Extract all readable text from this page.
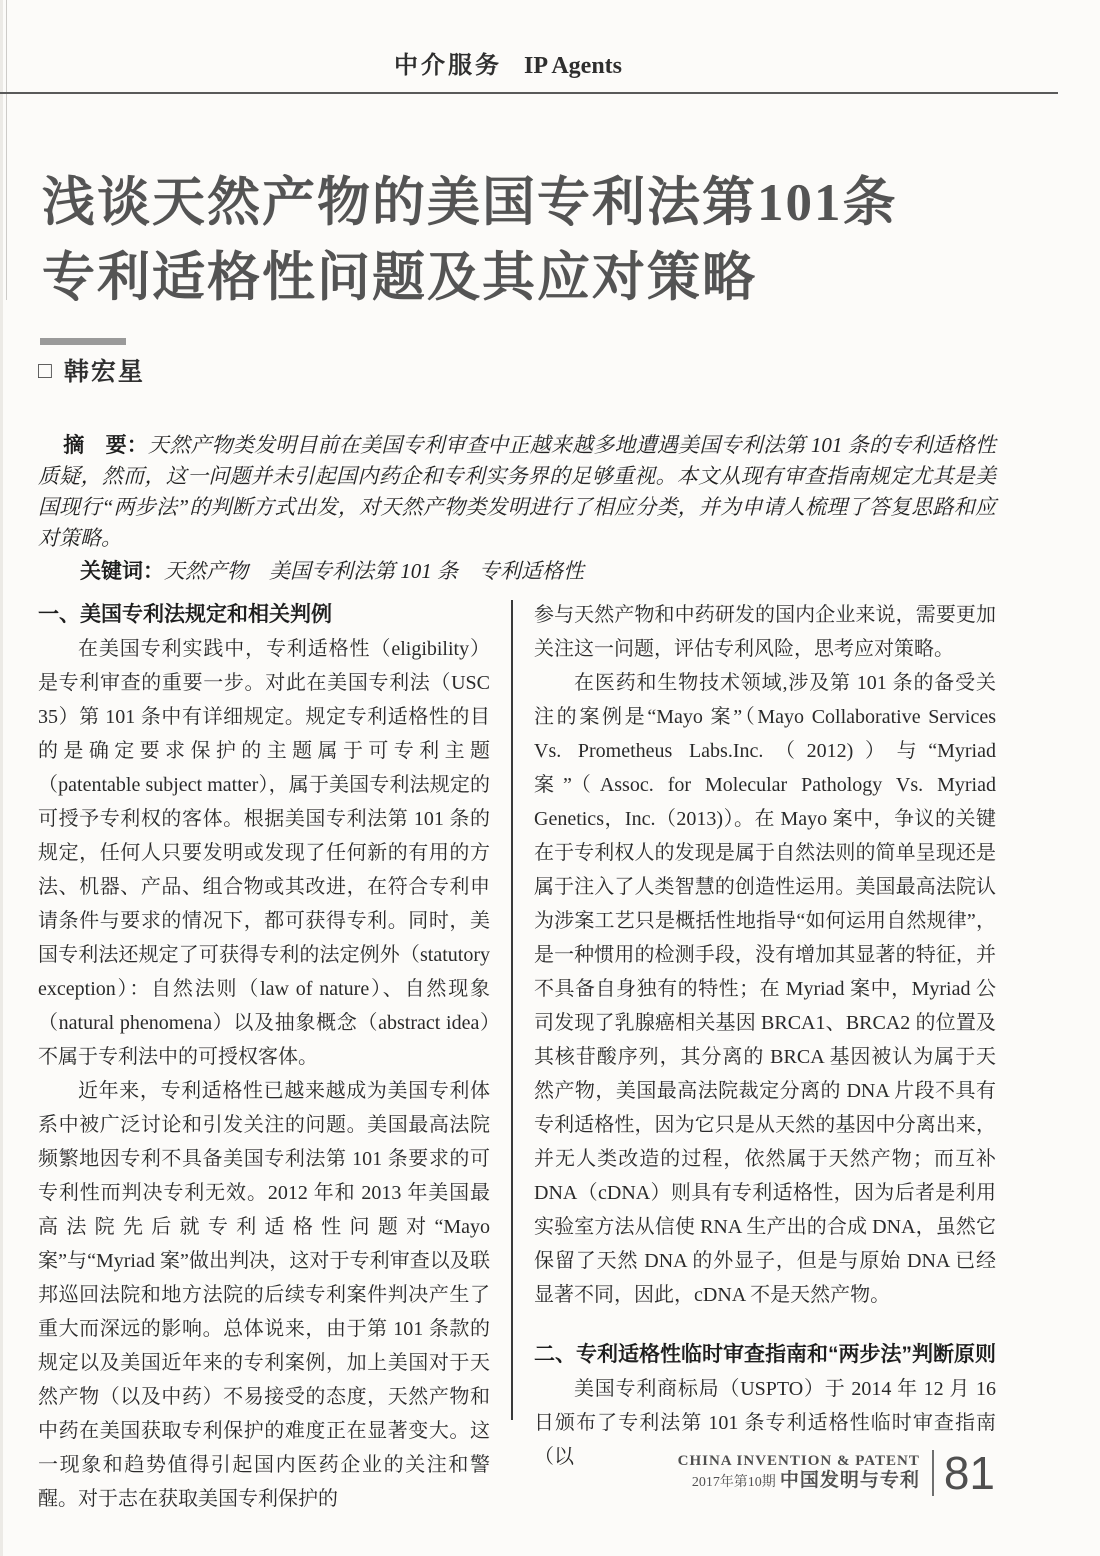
中介服务 IP Agents
浅谈天然产物的美国专利法第101条
专利适格性问题及其应对策略
□ 韩宏星

摘　要：天然产物类发明目前在美国专利审查中正越来越多地遭遇美国专利法第 101 条的专利适格性质疑，然而，这一问题并未引起国内药企和专利实务界的足够重视。本文从现有审查指南规定尤其是美国现行“两步法”的判断方式出发，对天然产物类发明进行了相应分类，并为申请人梳理了答复思路和应对策略。

关键词：天然产物　美国专利法第 101 条　专利适格性

一、美国专利法规定和相关判例

在美国专利实践中，专利适格性（eligibility）是专利审查的重要一步。对此在美国专利法（USC 35）第 101 条中有详细规定。规定专利适格性的目的是确定要求保护的主题属于可专利主题（patentable subject matter），属于美国专利法规定的可授予专利权的客体。根据美国专利法第 101 条的规定，任何人只要发明或发现了任何新的有用的方法、机器、产品、组合物或其改进，在符合专利申请条件与要求的情况下，都可获得专利。同时，美国专利法还规定了可获得专利的法定例外（statutory exception）：自然法则（law of nature）、自然现象（natural phenomena）以及抽象概念（abstract idea）不属于专利法中的可授权客体。

近年来，专利适格性已越来越成为美国专利体系中被广泛讨论和引发关注的问题。美国最高法院频繁地因专利不具备美国专利法第 101 条要求的可专利性而判决专利无效。2012 年和 2013 年美国最高法院先后就专利适格性问题对“Mayo 案”与“Myriad 案”做出判决，这对于专利审查以及联邦巡回法院和地方法院的后续专利案件判决产生了重大而深远的影响。总体说来，由于第 101 条款的规定以及美国近年来的专利案例，加上美国对于天然产物（以及中药）不易接受的态度，天然产物和中药在美国获取专利保护的难度正在显著变大。这一现象和趋势值得引起国内医药企业的关注和警醒。对于志在获取美国专利保护的

参与天然产物和中药研发的国内企业来说，需要更加关注这一问题，评估专利风险，思考应对策略。

在医药和生物技术领域,涉及第 101 条的备受关注的案例是“Mayo 案”（Mayo Collaborative Services Vs. Prometheus Labs.Inc.（2012)）与“Myriad 案”（Assoc. for Molecular Pathology Vs. Myriad Genetics，Inc.（2013)）。在 Mayo 案中，争议的关键在于专利权人的发现是属于自然法则的简单呈现还是属于注入了人类智慧的创造性运用。美国最高法院认为涉案工艺只是概括性地指导“如何运用自然规律”，是一种惯用的检测手段，没有增加其显著的特征，并不具备自身独有的特性；在 Myriad 案中，Myriad 公司发现了乳腺癌相关基因 BRCA1、BRCA2 的位置及其核苷酸序列，其分离的 BRCA 基因被认为属于天然产物，美国最高法院裁定分离的 DNA 片段不具有专利适格性，因为它只是从天然的基因中分离出来，并无人类改造的过程，依然属于天然产物；而互补 DNA（cDNA）则具有专利适格性，因为后者是利用实验室方法从信使 RNA 生产出的合成 DNA，虽然它保留了天然 DNA 的外显子，但是与原始 DNA 已经显著不同，因此，cDNA 不是天然产物。

二、专利适格性临时审查指南和“两步法”判断原则

美国专利商标局（USPTO）于 2014 年 12 月 16 日颁布了专利法第 101 条专利适格性临时审查指南（以	CHINA INVENTION & PATENT
2017年第10期 中国发明与专利 81
